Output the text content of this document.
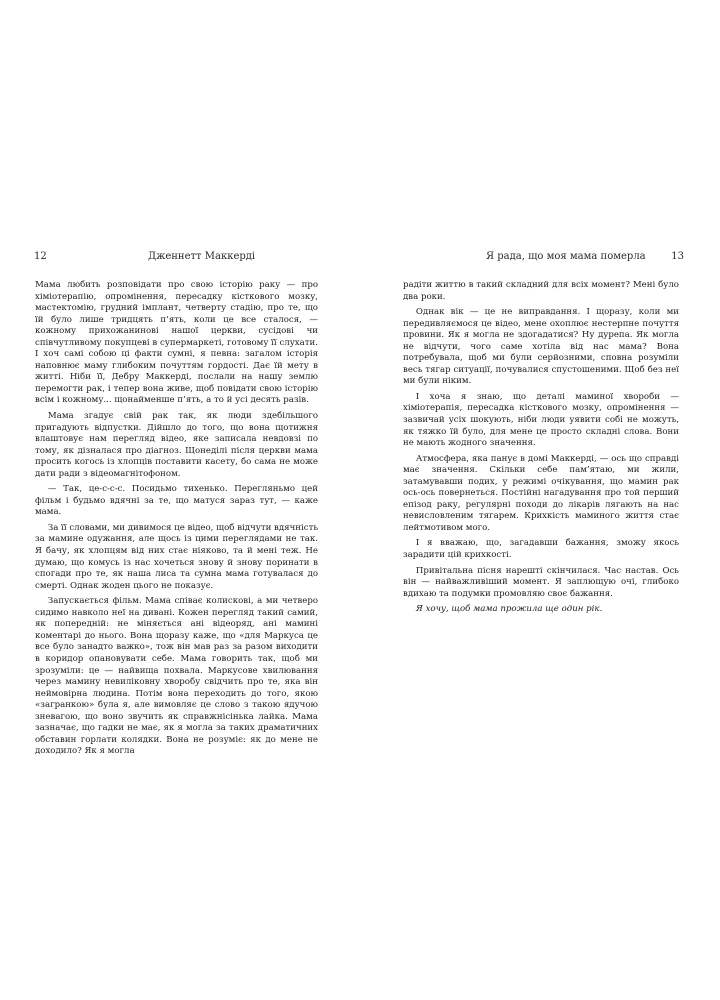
12	Дженнетт Маккерді

Мама любить розповідати про свою історію раку — про хіміотерапію, опромінення, пересадку кісткового мозку, мастектомію, грудний імплант, четверту стадію, про те, що їй було лише тридцять п’ять, коли це все сталося, — кожному прихожанинові нашої церкви, сусідові чи співчутливому покупцеві в супермаркеті, готовому її слухати. І хоч самі собою ці факти сумні, я певна: загалом історія наповнює маму глибоким почуттям гордості. Дає їй мету в житті. Ніби її, Дебру Маккерді, послали на нашу землю перемогти рак, і тепер вона живе, щоб повідати свою історію всім і кожному... щонайменше п’ять, а то й усі десять разів.

Мама згадує свій рак так, як люди здебільшого пригадують відпустки. Дійшло до того, що вона щотижня влаштовує нам перегляд відео, яке записала невдовзі по тому, як дізналася про діагноз. Щонеділі після церкви мама просить когось із хлопців поставити касету, бо сама не може дати ради з відеомагнітофоном.

— Так, це-с-с-с. Посидьмо тихенько. Перегляньмо цей фільм і будьмо вдячні за те, що матуся зараз тут, — каже мама.

За її словами, ми дивимося це відео, щоб відчути вдячність за мамине одужання, але щось із цими переглядами не так. Я бачу, як хлопцям від них стає ніяково, та й мені теж. Не думаю, що комусь із нас хочеться знову й знову поринати в спогади про те, як наша лиса та сумна мама готувалася до смерті. Однак жоден цього не показує.

Запускається фільм. Мама співає колискові, а ми четверо сидимо навколо неї на дивані. Кожен перегляд такий самий, як попередній: не міняється ані відеоряд, ані мамині коментарі до нього. Вона щоразу каже, що «для Маркуса це все було занадто важко», тож він мав раз за разом виходити в коридор опановувати себе. Мама говорить так, щоб ми зрозуміли: це — найвища похвала. Маркусове хвилювання через мамину невиліковну хворобу свідчить про те, яка він неймовірна людина. Потім вона переходить до того, якою «загранкою» була я, але вимовляє це слово з такою ядучою зневагою, що воно звучить як справжнісінька лайка. Мама зазначає, що гадки не має, як я могла за таких драматичних обставин горлати колядки. Вона не розуміє: як до мене не доходило? Як я могла

Я рада, що моя мама померла	13

радіти життю в такий складний для всіх момент? Мені було два роки.

Однак вік — це не виправдання. І щоразу, коли ми передивляємося це відео, мене охоплює нестерпне почуття провини. Як я могла не здогадатися? Ну дурепа. Як могла не відчути, чого саме хотіла від нас мама? Вона потребувала, щоб ми були серйозними, сповна розуміли весь тягар ситуації, почувалися спустошеними. Щоб без неї ми були ніким.

І хоча я знаю, що деталі маминої хвороби — хіміотерапія, пересадка кісткового мозку, опромінення — зазвичай усіх шокують, ніби люди уявити собі не можуть, як тяжко їй було, для мене це просто складні слова. Вони не мають жодного значення.

Атмосфера, яка панує в домі Маккерді, — ось що справді має значення. Скільки себе пам’ятаю, ми жили, затамувавши подих, у режимі очікування, що мамин рак ось-ось повернеться. Постійні нагадування про той перший епізод раку, регулярні походи до лікарів лягають на нас невисловленим тягарем. Крихкість маминого життя стає лейтмотивом мого.

І я вважаю, що, загадавши бажання, зможу якось зарадити цій крихкості.

Привітальна пісня нарешті скінчилася. Час настав. Ось він — найважливіший момент. Я заплющую очі, глибоко вдихаю та подумки промовляю своє бажання.

Я хочу, щоб мама прожила ще один рік.
